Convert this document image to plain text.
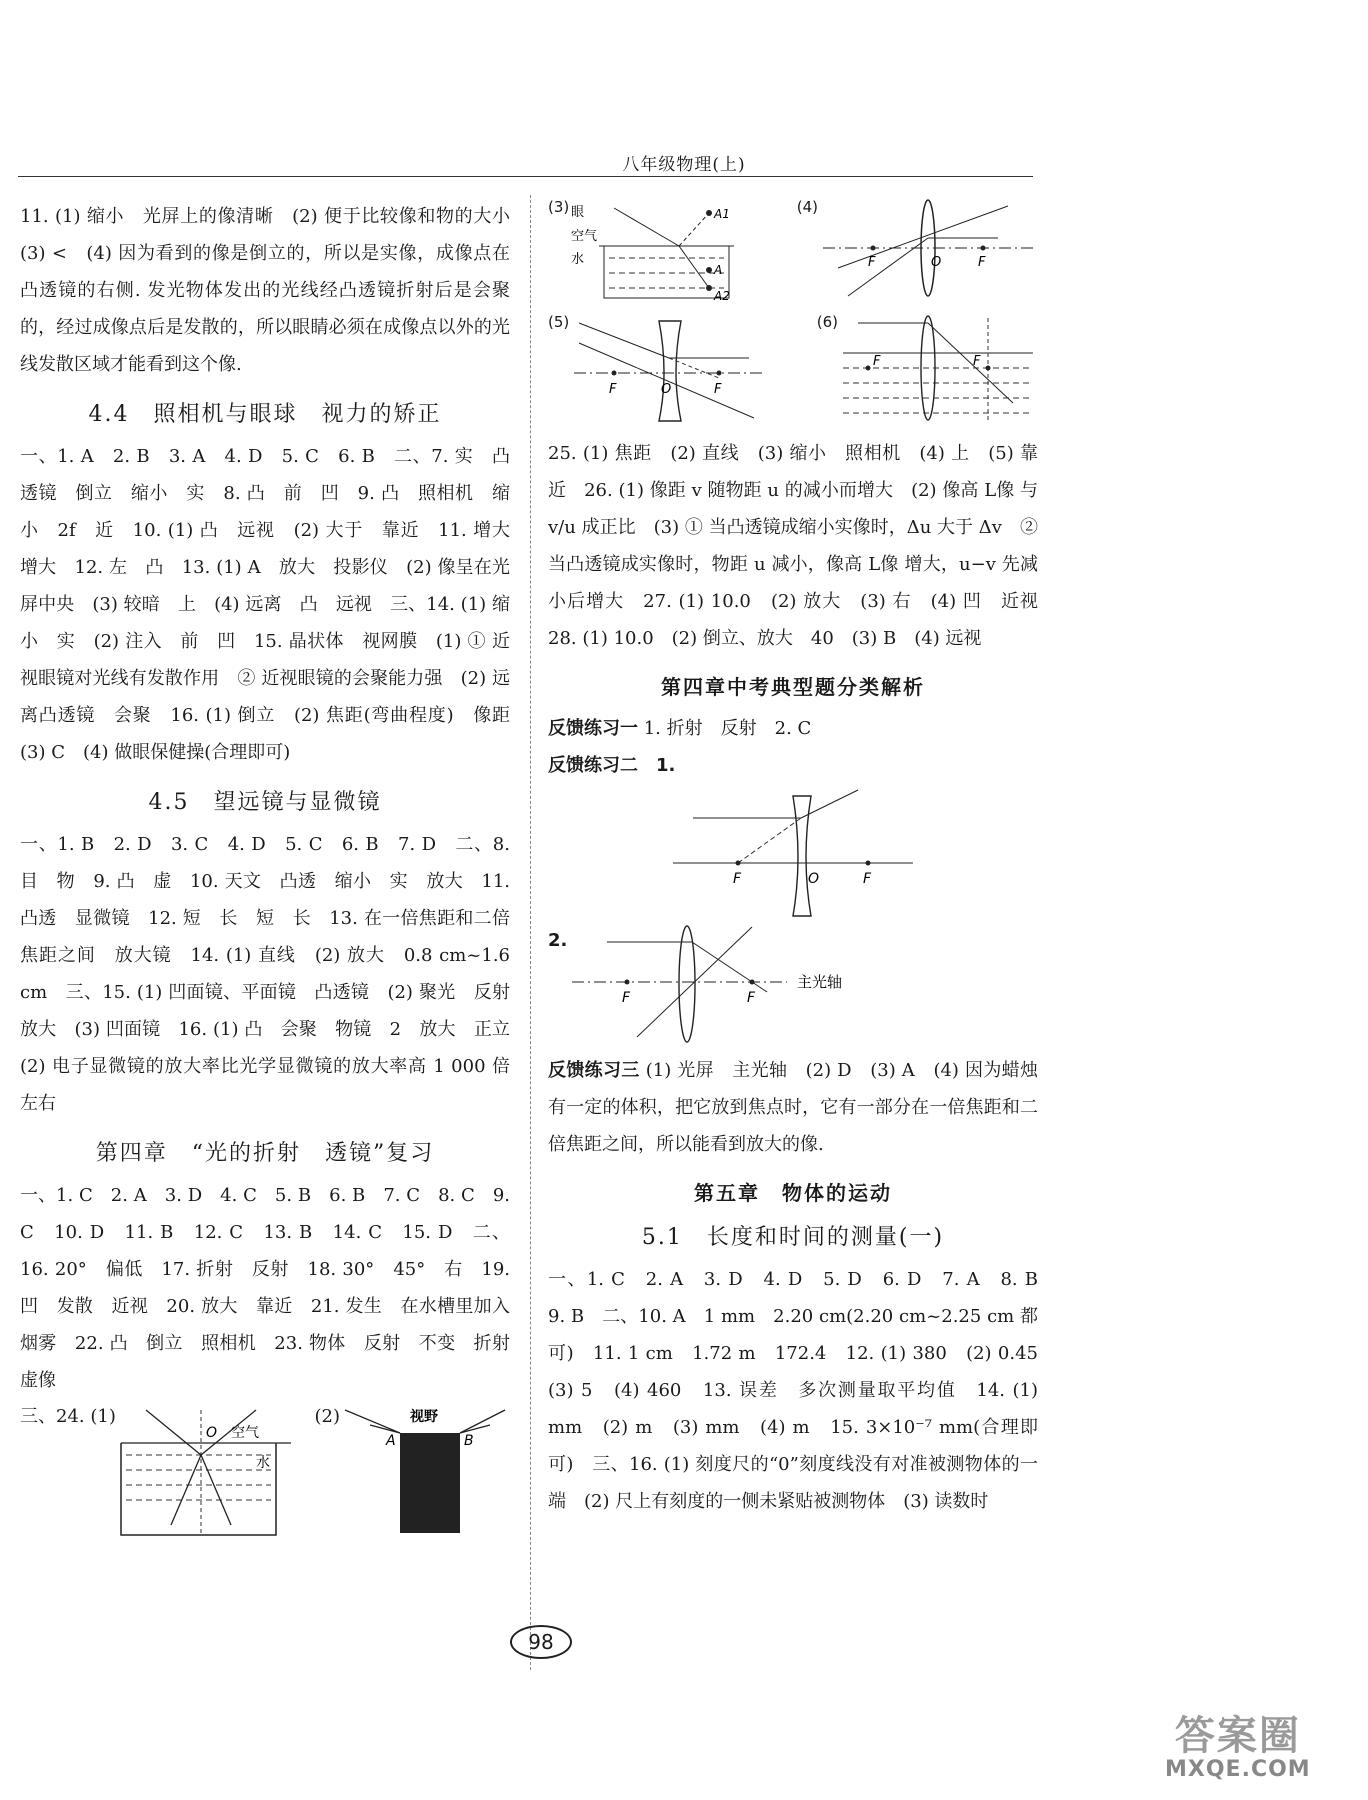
八年级物理(上)

11. (1) 缩小　光屏上的像清晰　(2) 便于比较像和物的大小　(3) <　(4) 因为看到的像是倒立的，所以是实像，成像点在凸透镜的右侧. 发光物体发出的光线经凸透镜折射后是会聚的，经过成像点后是发散的，所以眼睛必须在成像点以外的光线发散区域才能看到这个像.

4.4　照相机与眼球　视力的矫正

一、1. A　2. B　3. A　4. D　5. C　6. B　二、7. 实　凸透镜　倒立　缩小　实　8. 凸　前　凹　9. 凸　照相机　缩小　2f　近　10. (1) 凸　远视　(2) 大于　靠近　11. 增大　增大　12. 左　凸　13. (1) A　放大　投影仪　(2) 像呈在光屏中央　(3) 较暗　上　(4) 远离　凸　远视　三、14. (1) 缩小　实　(2) 注入　前　凹　15. 晶状体　视网膜　(1) ① 近视眼镜对光线有发散作用　② 近视眼镜的会聚能力强　(2) 远离凸透镜　会聚　16. (1) 倒立　(2) 焦距(弯曲程度)　像距　(3) C　(4) 做眼保健操(合理即可)

4.5　望远镜与显微镜

一、1. B　2. D　3. C　4. D　5. C　6. B　7. D　二、8. 目　物　9. 凸　虚　10. 天文　凸透　缩小　实　放大　11. 凸透　显微镜　12. 短　长　短　长　13. 在一倍焦距和二倍焦距之间　放大镜　14. (1) 直线　(2) 放大　0.8 cm~1.6 cm　三、15. (1) 凹面镜、平面镜　凸透镜　(2) 聚光　反射　放大　(3) 凹面镜　16. (1) 凸　会聚　物镜　2　放大　正立　(2) 电子显微镜的放大率比光学显微镜的放大率高 1 000 倍左右

第四章　“光的折射　透镜”复习

一、1. C　2. A　3. D　4. C　5. B　6. B　7. C　8. C　9. C　10. D　11. B　12. C　13. B　14. C　15. D　二、16. 20°　偏低　17. 折射　反射　18. 30°　45°　右　19. 凹　发散　近视　20. 放大　靠近　21. 发生　在水槽里加入烟雾　22. 凸　倒立　照相机　23. 物体　反射　不变　折射　虚像

三、24. (1)
O 空气
水
(2)	视野
A	B
(3) 眼
空气
水
A1
A
A2
(4)
F	O	F
(5)
F	O	F
(6)
F	F

25. (1) 焦距　(2) 直线　(3) 缩小　照相机　(4) 上　(5) 靠近　26. (1) 像距 v 随物距 u 的减小而增大　(2) 像高 L像 与 v/u 成正比　(3) ① 当凸透镜成缩小实像时，Δu 大于 Δv　② 当凸透镜成实像时，物距 u 减小，像高 L像 增大，u−v 先减小后增大　27. (1) 10.0　(2) 放大　(3) 右　(4) 凹　近视　28. (1) 10.0　(2) 倒立、放大　40　(3) B　(4) 远视

第四章中考典型题分类解析

反馈练习一 1. 折射　反射　2. C

反馈练习二　1.

F	O	F
2.
F	F
主光轴

反馈练习三 (1) 光屏　主光轴　(2) D　(3) A　(4) 因为蜡烛有一定的体积，把它放到焦点时，它有一部分在一倍焦距和二倍焦距之间，所以能看到放大的像.

第五章　物体的运动
5.1　长度和时间的测量(一)

一、1. C　2. A　3. D　4. D　5. D　6. D　7. A　8. B　9. B　二、10. A　1 mm　2.20 cm(2.20 cm~2.25 cm 都可)　11. 1 cm　1.72 m　172.4　12. (1) 380　(2) 0.45　(3) 5　(4) 460　13. 误差　多次测量取平均值　14. (1) mm　(2) m　(3) mm　(4) m　15. 3×10⁻⁷ mm(合理即可)　三、16. (1) 刻度尺的“0”刻度线没有对准被测物体的一端　(2) 尺上有刻度的一侧未紧贴被测物体　(3) 读数时

98
答案圈
MXQE.COM
